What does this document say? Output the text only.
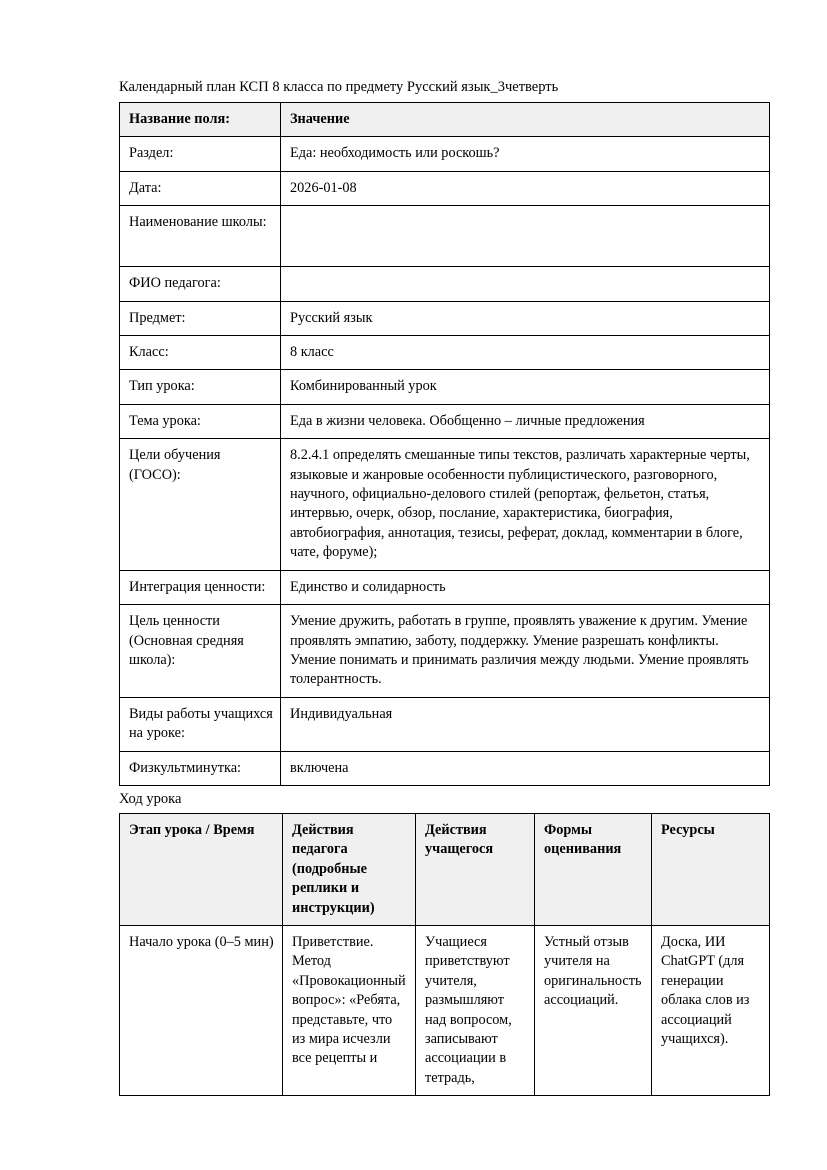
Календарный план КСП 8 класса по предмету Русский язык_3четверть
Название поля:	Значение
Раздел:	Еда: необходимость или роскошь?
Дата:	2026-01-08
Наименование школы:	
ФИО педагога:	
Предмет:	Русский язык
Класс:	8 класс
Тип урока:	Комбинированный урок
Тема урока:	Еда в жизни человека. Обобщенно – личные предложения
Цели обучения (ГОСО):	8.2.4.1 определять смешанные типы текстов, различать характерные черты, языковые и жанровые особенности публицистического, разговорного, научного, официально-делового стилей (репортаж, фельетон, статья, интервью, очерк, обзор, послание, характеристика, биография, автобиография, аннотация, тезисы, реферат, доклад, комментарии в блоге, чате, форуме);
Интеграция ценности:	Единство и солидарность
Цель ценности (Основная средняя школа):	Умение дружить, работать в группе, проявлять уважение к другим. Умение проявлять эмпатию, заботу, поддержку. Умение разрешать конфликты. Умение понимать и принимать различия между людьми. Умение проявлять толерантность.
Виды работы учащихся на уроке:	Индивидуальная
Физкультминутка:	включена
Ход урока
Этап урока / Время	Действия педагога (подробные реплики и инструкции)	Действия учащегося	Формы оценивания	Ресурсы
Начало урока (0–5 мин)	Приветствие. Метод «Провокационный вопрос»: «Ребята, представьте, что из мира исчезли все рецепты и	Учащиеся приветствуют учителя, размышляют над вопросом, записывают ассоциации в тетрадь,	Устный отзыв учителя на оригинальность ассоциаций.	Доска, ИИ ChatGPT (для генерации облака слов из ассоциаций учащихся).
